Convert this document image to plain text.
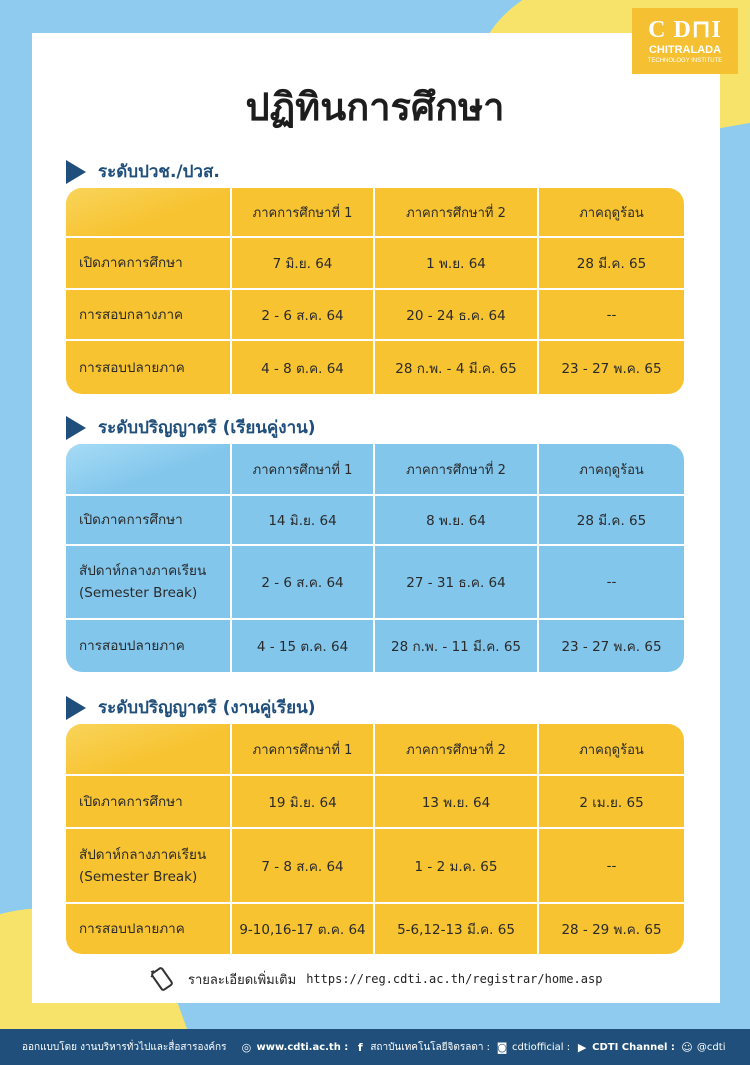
C D⊓I
CHITRALADA
TECHNOLOGY INSTITUTE
ปฏิทินการศึกษา
ระดับปวช./ปวส.
	ภาคการศึกษาที่ 1	ภาคการศึกษาที่ 2	ภาคฤดูร้อน
เปิดภาคการศึกษา	7 มิ.ย. 64	1 พ.ย. 64	28 มี.ค. 65
การสอบกลางภาค	2 - 6 ส.ค. 64	20 - 24 ธ.ค. 64	--
การสอบปลายภาค	4 - 8 ต.ค. 64	28 ก.พ. - 4 มี.ค. 65	23 - 27 พ.ค. 65
ระดับปริญญาตรี (เรียนคู่งาน)
	ภาคการศึกษาที่ 1	ภาคการศึกษาที่ 2	ภาคฤดูร้อน
เปิดภาคการศึกษา	14 มิ.ย. 64	8 พ.ย. 64	28 มี.ค. 65

สัปดาห์กลางภาคเรียน
(Semester Break)	2 - 6 ส.ค. 64	27 - 31 ธ.ค. 64	--
การสอบปลายภาค	4 - 15 ต.ค. 64	28 ก.พ. - 11 มี.ค. 65	23 - 27 พ.ค. 65
ระดับปริญญาตรี (งานคู่เรียน)
	ภาคการศึกษาที่ 1	ภาคการศึกษาที่ 2	ภาคฤดูร้อน
เปิดภาคการศึกษา	19 มิ.ย. 64	13 พ.ย. 64	2 เม.ย. 65

สัปดาห์กลางภาคเรียน
(Semester Break)	7 - 8 ส.ค. 64	1 - 2 ม.ค. 65	--
การสอบปลายภาค	9-10,16-17 ต.ค. 64	5-6,12-13 มี.ค. 65	28 - 29 พ.ค. 65
รายละเอียดเพิ่มเติม https://reg.cdti.ac.th/registrar/home.asp
ออกแบบโดย งานบริหารทั่วไปและสื่อสารองค์กร ◎ www.cdti.ac.th : f สถาบันเทคโนโลยีจิตรลดา : ◙ cdtiofficial : ▶ CDTI Channel : ☺ @cdti
